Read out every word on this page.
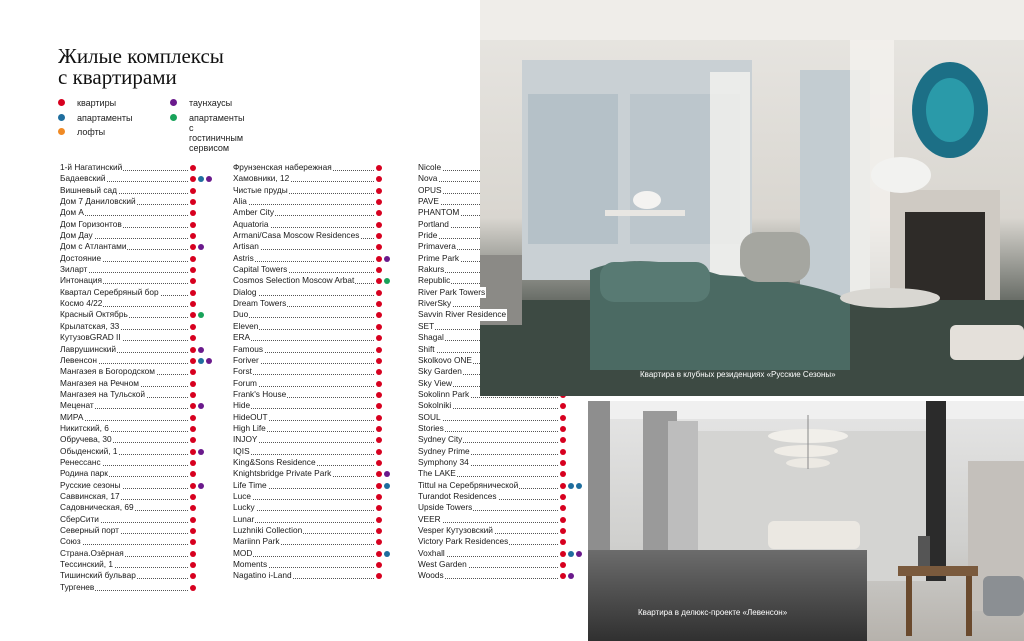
Жилые комплексы
с квартирами
квартиры
апартаменты
лофты
таунхаусы
апартаменты
с гостиничным сервисом
1-й Нагатинский
Бадаевский
Вишневый сад
Дом 7 Даниловский
Дом А
Дом Горизонтов
Дом Дау
Дом с Атлантами
Достояние
Зиларт
Интонация
Квартал Серебряный бор
Космо 4/22
Красный Октябрь
Крылатская, 33
КутузовGRAD II
Лаврушинский
Левенсон
Мангазея в Богородском
Мангазея на Речном
Мангазея на Тульской
Меценат
МИРА
Никитский, 6
Обручева, 30
Обыденский, 1
Ренессанс
Родина парк
Русские сезоны
Саввинская, 17
Садовническая, 69
СберСити
Северный порт
Союз
Страна.Озёрная
Тессинский, 1
Тишинский бульвар
Тургенев
Фрунзенская набережная
Хамовники, 12
Чистые пруды
Alia
Amber City
Aquatoria
Armani/Casa Moscow Residences
Artisan
Astris
Capital Towers
Cosmos Selection Moscow Arbat
Dialog
Dream Towers
Duo
Eleven
ERA
Famous
Foriver
Forst
Forum
Frank's House
Hide
HideOUT
High Life
INJOY
IQIS
King&Sons Residence
Knightsbridge Private Park
Life Time
Luce
Lucky
Lunar
Luzhniki Collection
Mariinn Park
MOD
Moments
Nagatino i-Land
Nicole
Nova
OPUS
PAVE
PHANTOM
Portland
Pride
Primavera
Prime Park
Rakurs
Republic
River Park Towers
RiverSky
Savvin River Residence
SET
Shagal
Shift
Skolkovo ONE
Sky Garden
Sky View
Sokolinn Park
Sokolniki
SOUL
Stories
Sydney City
Sydney Prime
Symphony 34
The LAKE
Tittul на Серебрянической
Turandot Residences
Upside Towers
VEER
Vesper Кутузовский
Victory Park Residences
Voxhall
West Garden
Woods
Квартира в клубных резиденциях «Русские Сезоны»
Квартира в делюкс-проекте «Левенсон»
